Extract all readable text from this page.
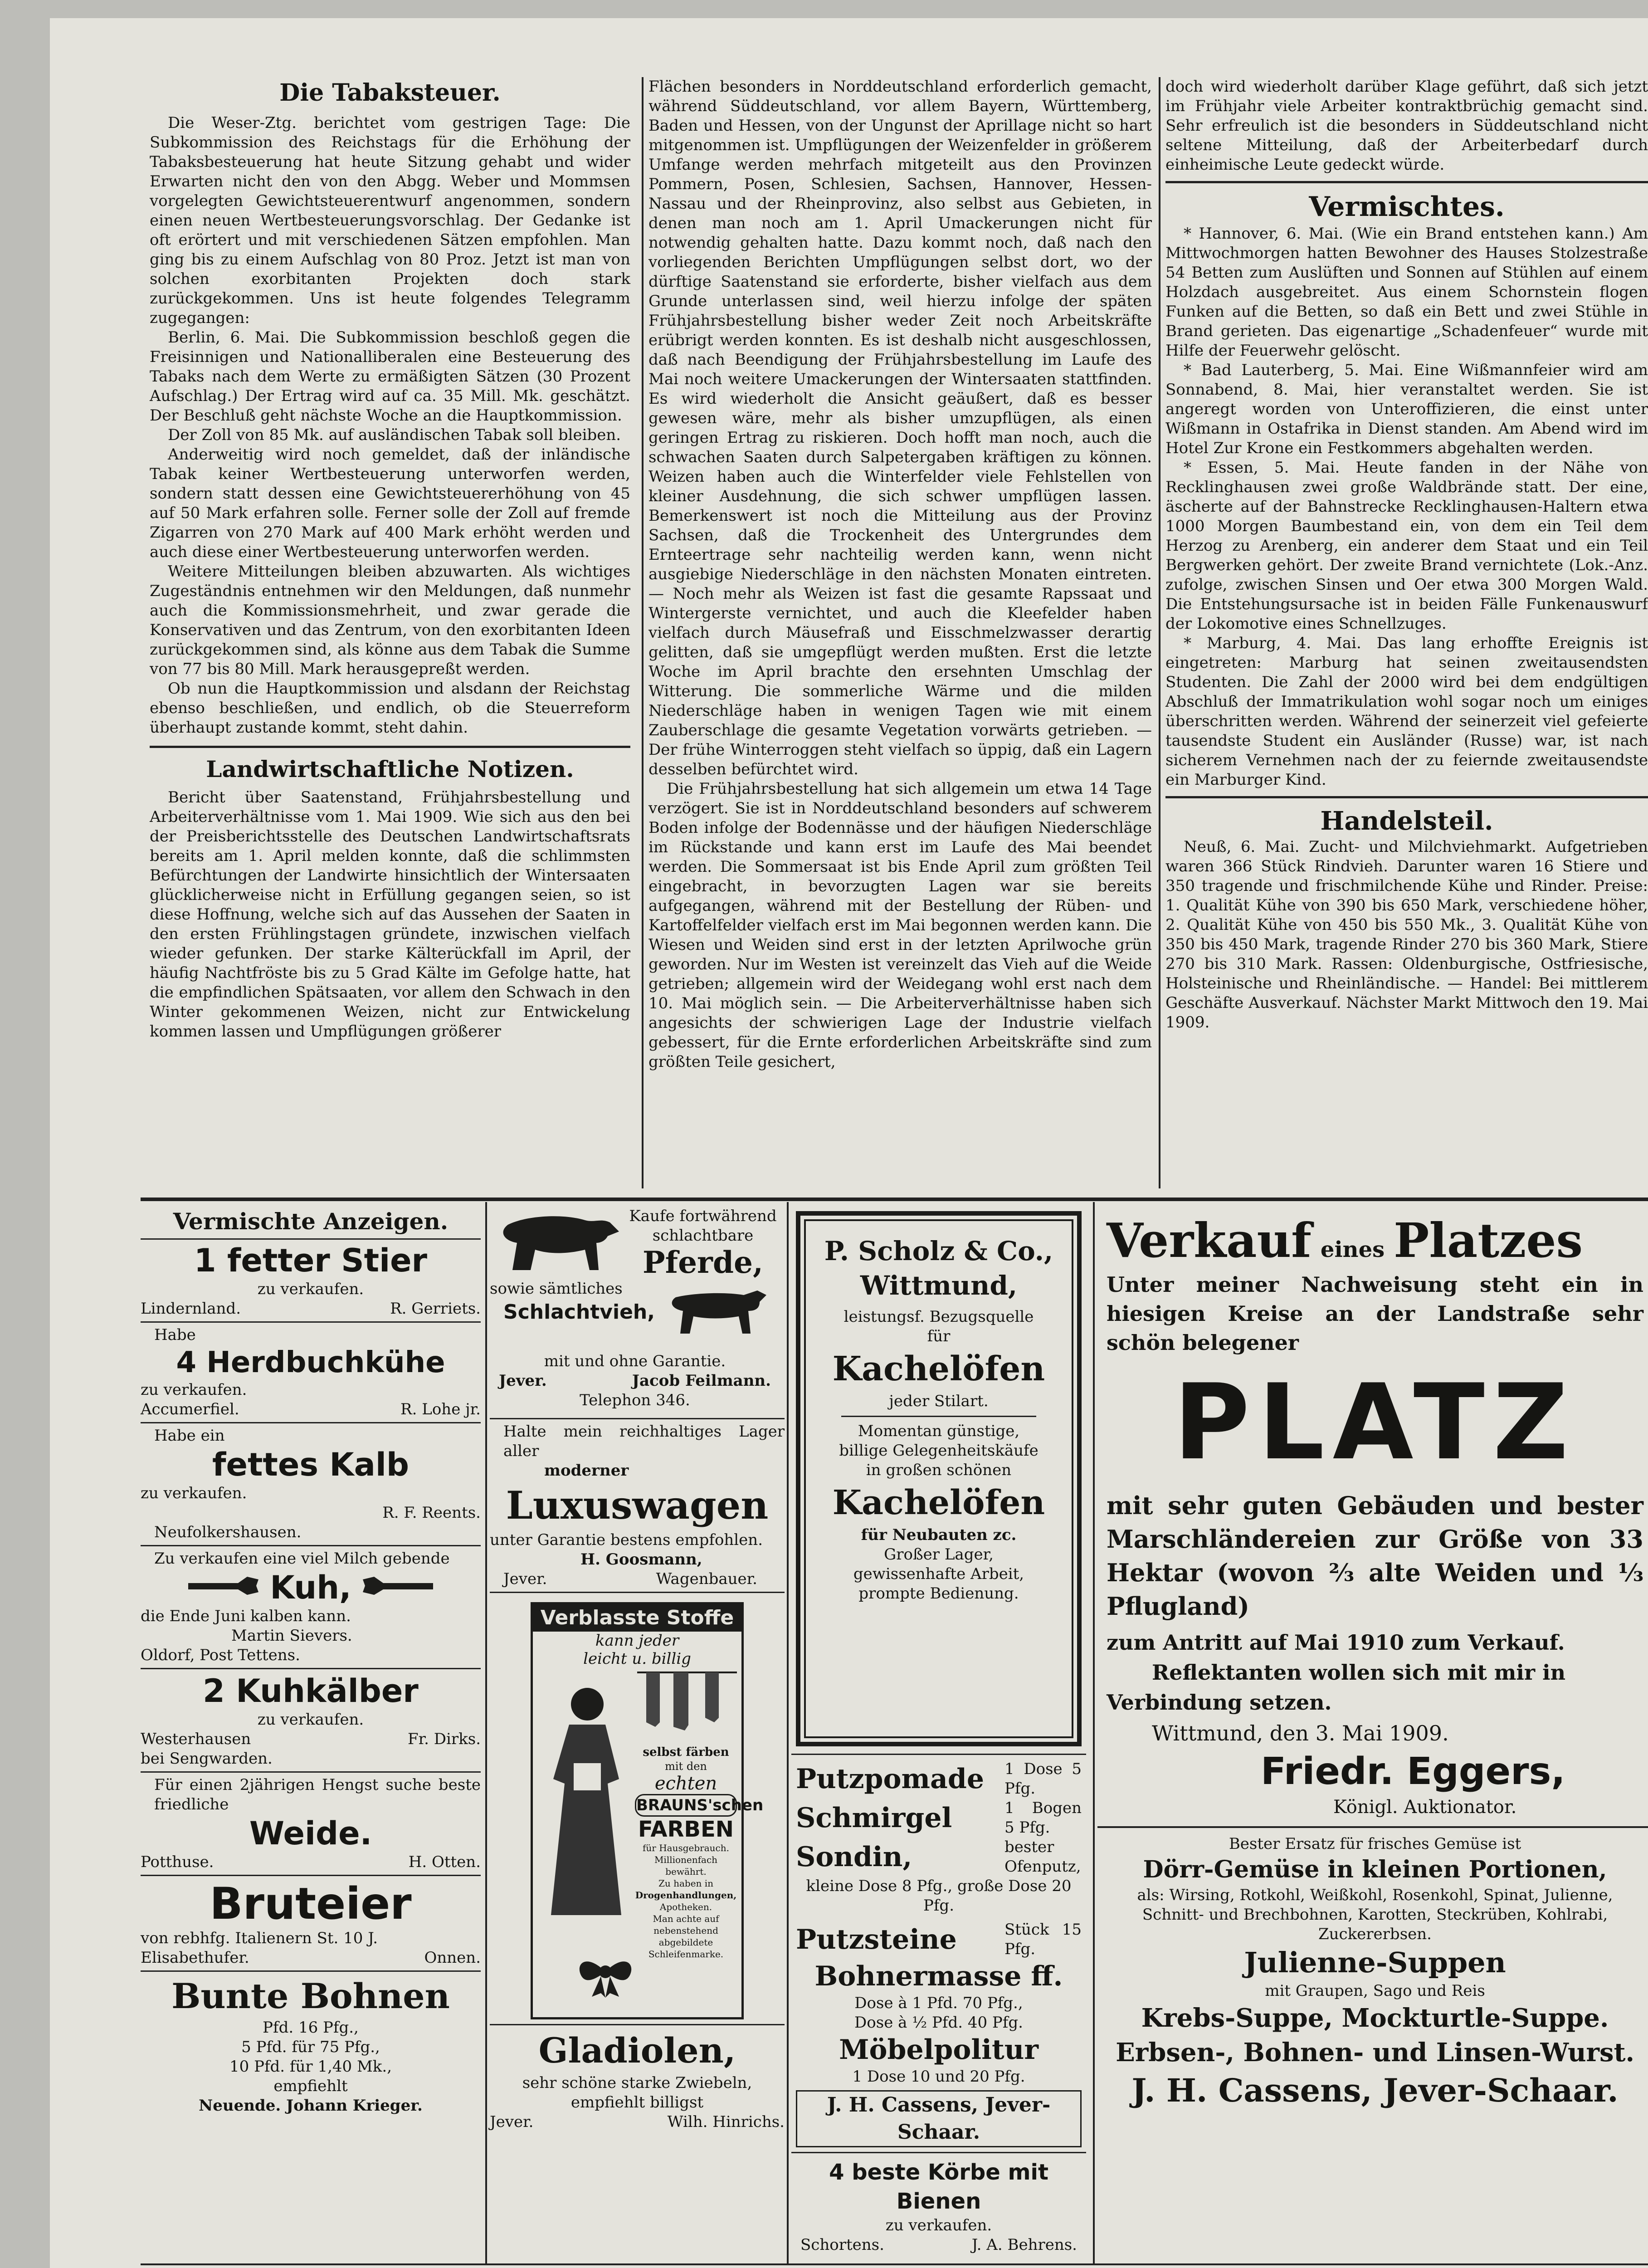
Die Tabaksteuer.

Die Weser-Ztg. berichtet vom gestrigen Tage: Die Subkommission des Reichstags für die Erhöhung der Tabaksbesteuerung hat heute Sitzung gehabt und wider Erwarten nicht den von den Abgg. Weber und Mommsen vorgelegten Gewichtsteuerentwurf angenommen, sondern einen neuen Wertbesteuerungsvorschlag. Der Gedanke ist oft erörtert und mit verschiedenen Sätzen empfohlen. Man ging bis zu einem Aufschlag von 80 Proz. Jetzt ist man von solchen exorbitanten Projekten doch stark zurückgekommen. Uns ist heute folgendes Telegramm zugegangen:

Berlin, 6. Mai. Die Subkommission beschloß gegen die Freisinnigen und Nationalliberalen eine Besteuerung des Tabaks nach dem Werte zu ermäßigten Sätzen (30 Prozent Aufschlag.) Der Ertrag wird auf ca. 35 Mill. Mk. geschätzt. Der Beschluß geht nächste Woche an die Hauptkommission.

Der Zoll von 85 Mk. auf ausländischen Tabak soll bleiben.

Anderweitig wird noch gemeldet, daß der inländische Tabak keiner Wertbesteuerung unterworfen werden, sondern statt dessen eine Gewichtsteuererhöhung von 45 auf 50 Mark erfahren solle. Ferner solle der Zoll auf fremde Zigarren von 270 Mark auf 400 Mark erhöht werden und auch diese einer Wertbesteuerung unterworfen werden.

Weitere Mitteilungen bleiben abzuwarten. Als wichtiges Zugeständnis entnehmen wir den Meldungen, daß nunmehr auch die Kommissionsmehrheit, und zwar gerade die Konservativen und das Zentrum, von den exorbitanten Ideen zurückgekommen sind, als könne aus dem Tabak die Summe von 77 bis 80 Mill. Mark herausgepreßt werden.

Ob nun die Hauptkommission und alsdann der Reichstag ebenso beschließen, und endlich, ob die Steuerreform überhaupt zustande kommt, steht dahin.

Landwirtschaftliche Notizen.

Bericht über Saatenstand, Frühjahrsbestellung und Arbeiterverhältnisse vom 1. Mai 1909. Wie sich aus den bei der Preisberichtsstelle des Deutschen Landwirtschaftsrats bereits am 1. April melden konnte, daß die schlimmsten Befürchtungen der Landwirte hinsichtlich der Wintersaaten glücklicherweise nicht in Erfüllung gegangen seien, so ist diese Hoffnung, welche sich auf das Aussehen der Saaten in den ersten Frühlingstagen gründete, inzwischen vielfach wieder gefunken. Der starke Kälterückfall im April, der häufig Nachtfröste bis zu 5 Grad Kälte im Gefolge hatte, hat die empfindlichen Spätsaaten, vor allem den Schwach in den Winter gekommenen Weizen, nicht zur Entwickelung kommen lassen und Umpflügungen größerer

Flächen besonders in Norddeutschland erforderlich gemacht, während Süddeutschland, vor allem Bayern, Württemberg, Baden und Hessen, von der Ungunst der Aprillage nicht so hart mitgenommen ist. Umpflügungen der Weizenfelder in größerem Umfange werden mehrfach mitgeteilt aus den Provinzen Pommern, Posen, Schlesien, Sachsen, Hannover, Hessen-Nassau und der Rheinprovinz, also selbst aus Gebieten, in denen man noch am 1. April Umackerungen nicht für notwendig gehalten hatte. Dazu kommt noch, daß nach den vorliegenden Berichten Umpflügungen selbst dort, wo der dürftige Saatenstand sie erforderte, bisher vielfach aus dem Grunde unterlassen sind, weil hierzu infolge der späten Frühjahrsbestellung bisher weder Zeit noch Arbeitskräfte erübrigt werden konnten. Es ist deshalb nicht ausgeschlossen, daß nach Beendigung der Frühjahrsbestellung im Laufe des Mai noch weitere Umackerungen der Wintersaaten stattfinden. Es wird wiederholt die Ansicht geäußert, daß es besser gewesen wäre, mehr als bisher umzupflügen, als einen geringen Ertrag zu riskieren. Doch hofft man noch, auch die schwachen Saaten durch Salpetergaben kräftigen zu können. Weizen haben auch die Winterfelder viele Fehlstellen von kleiner Ausdehnung, die sich schwer umpflügen lassen. Bemerkenswert ist noch die Mitteilung aus der Provinz Sachsen, daß die Trockenheit des Untergrundes dem Ernteertrage sehr nachteilig werden kann, wenn nicht ausgiebige Niederschläge in den nächsten Monaten eintreten. — Noch mehr als Weizen ist fast die gesamte Rapssaat und Wintergerste vernichtet, und auch die Kleefelder haben vielfach durch Mäusefraß und Eisschmelzwasser derartig gelitten, daß sie umgepflügt werden mußten. Erst die letzte Woche im April brachte den ersehnten Umschlag der Witterung. Die sommerliche Wärme und die milden Niederschläge haben in wenigen Tagen wie mit einem Zauberschlage die gesamte Vegetation vorwärts getrieben. — Der frühe Winterroggen steht vielfach so üppig, daß ein Lagern desselben befürchtet wird.

Die Frühjahrsbestellung hat sich allgemein um etwa 14 Tage verzögert. Sie ist in Norddeutschland besonders auf schwerem Boden infolge der Bodennässe und der häufigen Niederschläge im Rückstande und kann erst im Laufe des Mai beendet werden. Die Sommersaat ist bis Ende April zum größten Teil eingebracht, in bevorzugten Lagen war sie bereits aufgegangen, während mit der Bestellung der Rüben- und Kartoffelfelder vielfach erst im Mai begonnen werden kann. Die Wiesen und Weiden sind erst in der letzten Aprilwoche grün geworden. Nur im Westen ist vereinzelt das Vieh auf die Weide getrieben; allgemein wird der Weidegang wohl erst nach dem 10. Mai möglich sein. — Die Arbeiterverhältnisse haben sich angesichts der schwierigen Lage der Industrie vielfach gebessert, für die Ernte erforderlichen Arbeitskräfte sind zum größten Teile gesichert,

doch wird wiederholt darüber Klage geführt, daß sich jetzt im Frühjahr viele Arbeiter kontraktbrüchig gemacht sind. Sehr erfreulich ist die besonders in Süddeutschland nicht seltene Mitteilung, daß der Arbeiterbedarf durch einheimische Leute gedeckt würde.

Vermischtes.

* Hannover, 6. Mai. (Wie ein Brand entstehen kann.) Am Mittwochmorgen hatten Bewohner des Hauses Stolzestraße 54 Betten zum Auslüften und Sonnen auf Stühlen auf einem Holzdach ausgebreitet. Aus einem Schornstein flogen Funken auf die Betten, so daß ein Bett und zwei Stühle in Brand gerieten. Das eigenartige „Schadenfeuer“ wurde mit Hilfe der Feuerwehr gelöscht.

* Bad Lauterberg, 5. Mai. Eine Wißmannfeier wird am Sonnabend, 8. Mai, hier veranstaltet werden. Sie ist angeregt worden von Unteroffizieren, die einst unter Wißmann in Ostafrika in Dienst standen. Am Abend wird im Hotel Zur Krone ein Festkommers abgehalten werden.

* Essen, 5. Mai. Heute fanden in der Nähe von Recklinghausen zwei große Waldbrände statt. Der eine, äscherte auf der Bahnstrecke Recklinghausen-Haltern etwa 1000 Morgen Baumbestand ein, von dem ein Teil dem Herzog zu Arenberg, ein anderer dem Staat und ein Teil Bergwerken gehört. Der zweite Brand vernichtete (Lok.-Anz. zufolge, zwischen Sinsen und Oer etwa 300 Morgen Wald. Die Entstehungsursache ist in beiden Fälle Funkenauswurf der Lokomotive eines Schnellzuges.

* Marburg, 4. Mai. Das lang erhoffte Ereignis ist eingetreten: Marburg hat seinen zweitausendsten Studenten. Die Zahl der 2000 wird bei dem endgültigen Abschluß der Immatrikulation wohl sogar noch um einiges überschritten werden. Während der seinerzeit viel gefeierte tausendste Student ein Ausländer (Russe) war, ist nach sicherem Vernehmen nach der zu feiernde zweitausendste ein Marburger Kind.

Handelsteil.

Neuß, 6. Mai. Zucht- und Milchviehmarkt. Aufgetrieben waren 366 Stück Rindvieh. Darunter waren 16 Stiere und 350 tragende und frischmilchende Kühe und Rinder. Preise: 1. Qualität Kühe von 390 bis 650 Mark, verschiedene höher, 2. Qualität Kühe von 450 bis 550 Mk., 3. Qualität Kühe von 350 bis 450 Mark, tragende Rinder 270 bis 360 Mark, Stiere 270 bis 310 Mark. Rassen: Oldenburgische, Ostfriesische, Holsteinische und Rheinländische. — Handel: Bei mittlerem Geschäfte Ausverkauf. Nächster Markt Mittwoch den 19. Mai 1909.

Vermischte Anzeigen.
1 fetter Stier
zu verkaufen.
Lindernland.	R. Gerriets.
Habe
4 Herdbuchkühe
zu verkaufen.
Accumerfiel.	R. Lohe jr.
Habe ein
fettes Kalb
zu verkaufen.
R. F. Reents.
Neufolkershausen.
Zu verkaufen eine viel Milch gebende
Kuh,
die Ende Juni kalben kann.
Martin Sievers.
Oldorf, Post Tettens.
2 Kuhkälber
zu verkaufen.
Westerhausen	Fr. Dirks.
bei Sengwarden.
Für einen 2jährigen Hengst suche beste friedliche
Weide.
Potthuse.	H. Otten.
Bruteier
von rebhfg. Italienern St. 10 J.
Elisabethufer.	Onnen.
Bunte Bohnen
Pfd. 16 Pfg.,
5 Pfd. für 75 Pfg.,
10 Pfd. für 1,40 Mk.,
empfiehlt
Neuende. Johann Krieger.
Kaufe fortwährend schlachtbare
Pferde,
sowie sämtliches
Schlachtvieh,
mit und ohne Garantie.
Jever.	Jacob Feilmann.
Telephon 346.
Halte mein reichhaltiges Lager aller
moderner
Luxuswagen
unter Garantie bestens empfohlen.
H. Goosmann,
Jever.	Wagenbauer.
Verblasste Stoffe
kann jeder
leicht u. billig
selbst färben
mit den
echten
BRAUNS'schen
FARBEN
für Hausgebrauch.
Millionenfach bewährt.
Zu haben in
Drogenhandlungen,
Apotheken.
Man achte auf
nebenstehend
abgebildete
Schleifenmarke.
Gladiolen,
sehr schöne starke Zwiebeln,
empfiehlt billigst
Jever.	Wilh. Hinrichs.
P. Scholz & Co.,
Wittmund,
leistungsf. Bezugsquelle
für
Kachelöfen
jeder Stilart.
Momentan günstige,
billige Gelegenheitskäufe
in großen schönen
Kachelöfen
für Neubauten zc.
Großer Lager,
gewissenhafte Arbeit,
prompte Bedienung.
Putzpomade 1 Dose 5 Pfg.
Schmirgel	1 Bogen 5 Pfg.
Sondin,	bester Ofenputz,
kleine Dose 8 Pfg., große Dose 20 Pfg.
Putzsteine	Stück 15 Pfg.
Bohnermasse ff.
Dose à 1 Pfd. 70 Pfg.,
Dose à ½ Pfd. 40 Pfg.
Möbelpolitur
1 Dose 10 und 20 Pfg.
J. H. Cassens, Jever-Schaar.
4 beste Körbe mit Bienen
zu verkaufen.
Schortens.	J. A. Behrens.
Verkauf eines Platzes
Unter meiner Nachweisung steht ein in hiesigen Kreise an der Landstraße sehr schön belegener
PLATZ
mit sehr guten Gebäuden und bester Marschländereien zur Größe von 33 Hektar (wovon ⅔ alte Weiden und ⅓ Pflugland)
zum Antritt auf Mai 1910 zum Verkauf.
Reflektanten wollen sich mit mir in Verbindung setzen.
Wittmund, den 3. Mai 1909.
Friedr. Eggers,
Königl. Auktionator.
Bester Ersatz für frisches Gemüse ist
Dörr-Gemüse in kleinen Portionen,
als: Wirsing, Rotkohl, Weißkohl, Rosenkohl, Spinat, Julienne, Schnitt- und Brechbohnen, Karotten, Steckrüben, Kohlrabi, Zuckererbsen.
Julienne-Suppen
mit Graupen, Sago und Reis
Krebs-Suppe, Mockturtle-Suppe.
Erbsen-, Bohnen- und Linsen-Wurst.
J. H. Cassens, Jever-Schaar.
